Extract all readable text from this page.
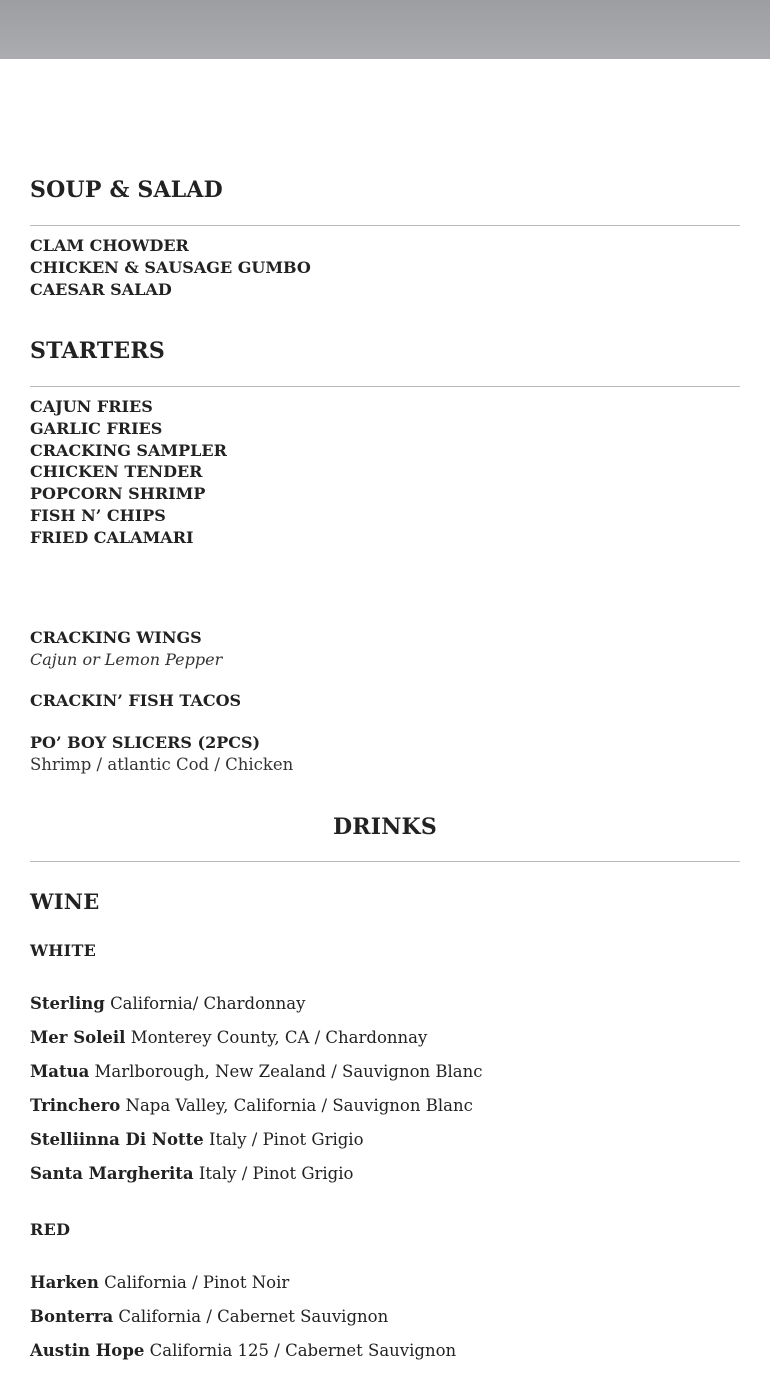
SOUP & SALAD
CLAM CHOWDER
CHICKEN & SAUSAGE GUMBO
CAESAR SALAD
STARTERS
CAJUN FRIES
GARLIC FRIES
CRACKING SAMPLER
CHICKEN TENDER
POPCORN SHRIMP
FISH N’ CHIPS
FRIED CALAMARI
CRACKING WINGS
Cajun or Lemon Pepper
CRACKIN’ FISH TACOS
PO’ BOY SLICERS (2PCS)
Shrimp / atlantic Cod / Chicken
DRINKS
WINE
WHITE
Sterling California/ Chardonnay
Mer Soleil Monterey County, CA / Chardonnay
Matua Marlborough, New Zealand / Sauvignon Blanc
Trinchero Napa Valley, California / Sauvignon Blanc
Stelliinna Di Notte Italy / Pinot Grigio
Santa Margherita Italy / Pinot Grigio
RED
Harken California / Pinot Noir
Bonterra California / Cabernet Sauvignon
Austin Hope California 125 / Cabernet Sauvignon
